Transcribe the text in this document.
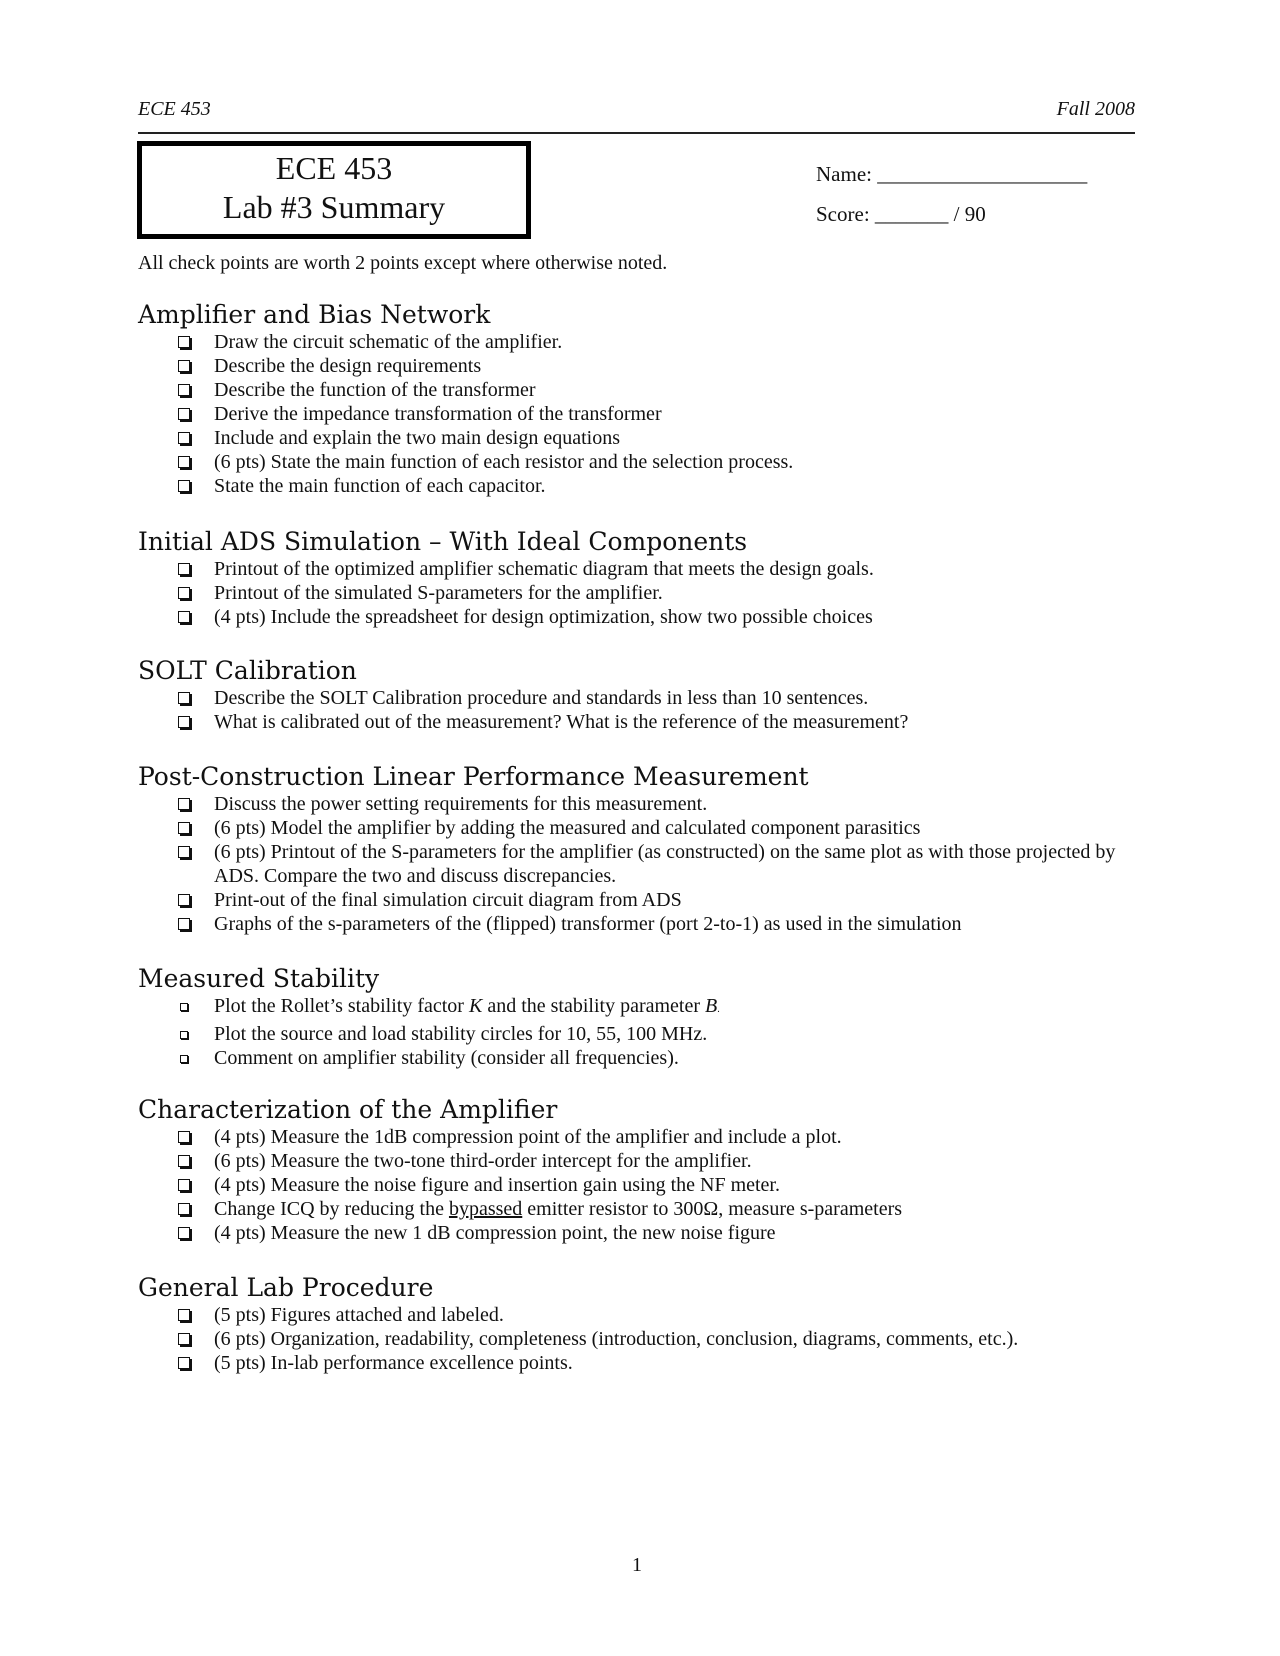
ECE 453	Fall 2008
ECE 453
Lab #3 Summary
Name: ____________________
Score: _______ / 90
All check points are worth 2 points except where otherwise noted.
Amplifier and Bias Network
Draw the circuit schematic of the amplifier.
Describe the design requirements
Describe the function of the transformer
Derive the impedance transformation of the transformer
Include and explain the two main design equations
(6 pts) State the main function of each resistor and the selection process.
State the main function of each capacitor.
Initial ADS Simulation – With Ideal Components
Printout of the optimized amplifier schematic diagram that meets the design goals.
Printout of the simulated S-parameters for the amplifier.
(4 pts) Include the spreadsheet for design optimization, show two possible choices
SOLT Calibration
Describe the SOLT Calibration procedure and standards in less than 10 sentences.
What is calibrated out of the measurement? What is the reference of the measurement?
Post-Construction Linear Performance Measurement
Discuss the power setting requirements for this measurement.
(6 pts) Model the amplifier by adding the measured and calculated component parasitics
(6 pts) Printout of the S-parameters for the amplifier (as constructed) on the same plot as with those projected by ADS. Compare the two and discuss discrepancies.
Print-out of the final simulation circuit diagram from ADS
Graphs of the s-parameters of the (flipped) transformer (port 2-to-1) as used in the simulation
Measured Stability
Plot the Rollet’s stability factor K and the stability parameter B.
Plot the source and load stability circles for 10, 55, 100 MHz.
Comment on amplifier stability (consider all frequencies).
Characterization of the Amplifier
(4 pts) Measure the 1dB compression point of the amplifier and include a plot.
(6 pts) Measure the two-tone third-order intercept for the amplifier.
(4 pts) Measure the noise figure and insertion gain using the NF meter.
Change ICQ by reducing the bypassed emitter resistor to 300Ω, measure s-parameters
(4 pts) Measure the new 1 dB compression point, the new noise figure
General Lab Procedure
(5 pts) Figures attached and labeled.
(6 pts) Organization, readability, completeness (introduction, conclusion, diagrams, comments, etc.).
(5 pts) In-lab performance excellence points.
1
